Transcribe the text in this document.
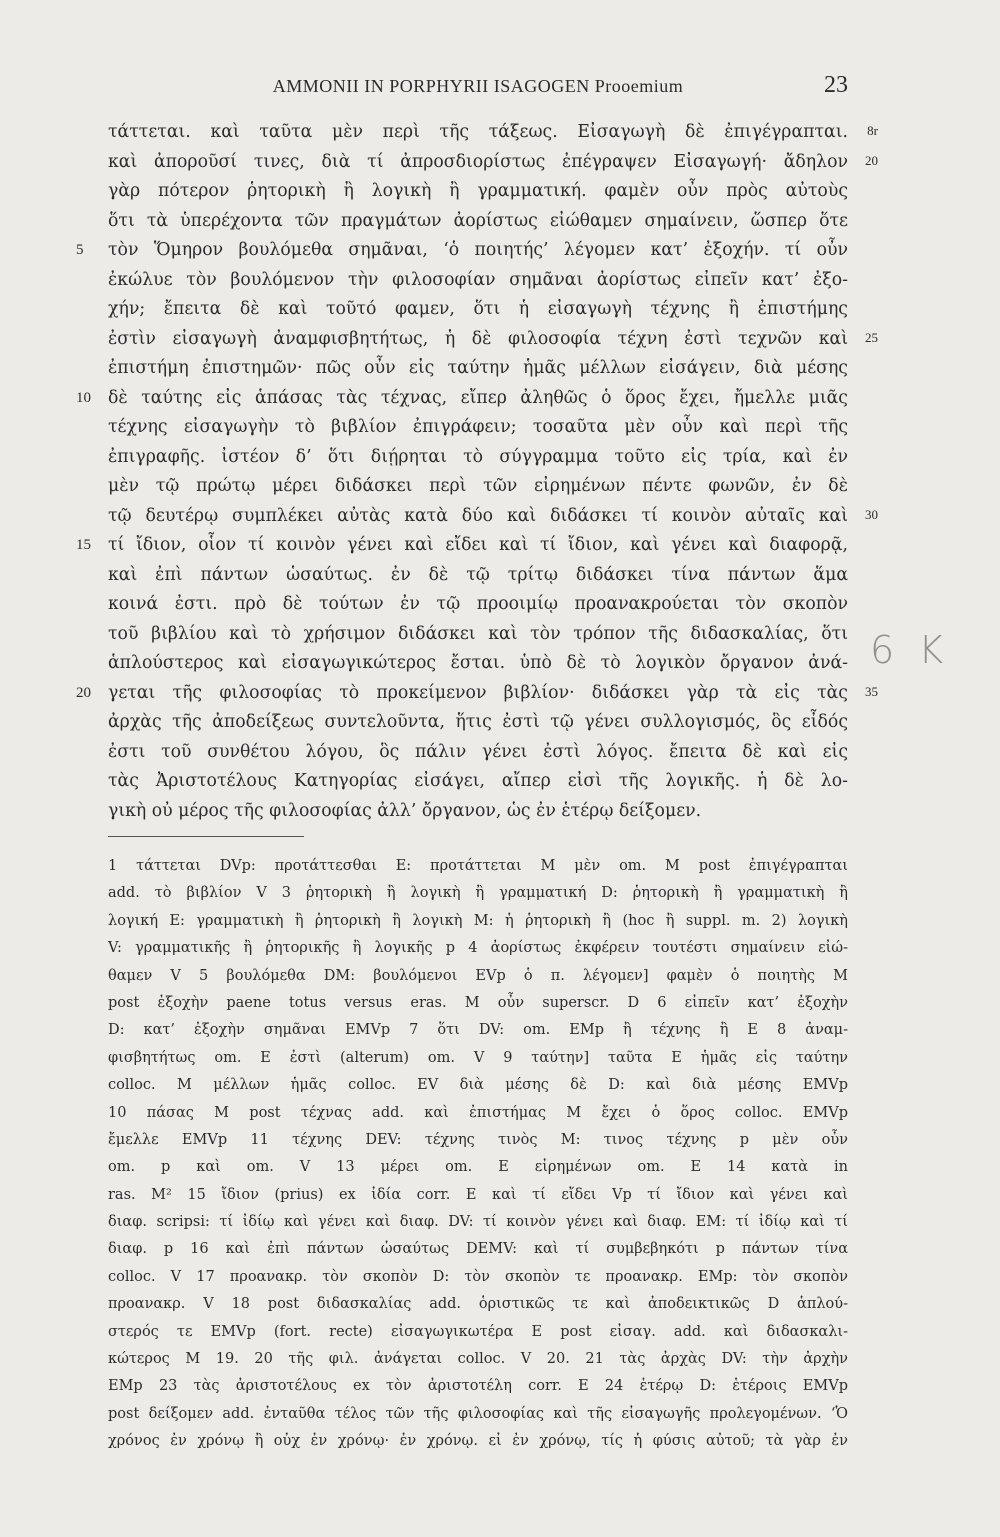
AMMONII IN PORPHYRII ISAGOGEN Prooemium	23
τάττεται. καὶ ταῦτα μὲν περὶ τῆς τάξεως. Εἰσαγωγὴ δὲ ἐπιγέγραπται. 8r
καὶ ἀποροῦσί τινες, διὰ τί ἀπροσδιορίστως ἐπέγραψεν Εἰσαγωγή· ἄδηλον 20
γὰρ πότερον ῥητορικὴ ἢ λογικὴ ἢ γραμματική. φαμὲν οὖν πρὸς αὐτοὺς
ὅτι τὰ ὑπερέχοντα τῶν πραγμάτων ἀορίστως εἰώθαμεν σημαίνειν, ὥσπερ ὅτε
5	τὸν Ὅμηρον βουλόμεθα σημᾶναι, ‘ὁ ποιητής’ λέγομεν κατ’ ἐξοχήν. τί οὖν
ἐκώλυε τὸν βουλόμενον τὴν φιλοσοφίαν σημᾶναι ἀορίστως εἰπεῖν κατ’ ἐξο-
χήν; ἔπειτα δὲ καὶ τοῦτό φαμεν, ὅτι ἡ εἰσαγωγὴ τέχνης ἢ ἐπιστήμης
ἐστὶν εἰσαγωγὴ ἀναμφισβητήτως, ἡ δὲ φιλοσοφία τέχνη ἐστὶ τεχνῶν καὶ 25
ἐπιστήμη ἐπιστημῶν· πῶς οὖν εἰς ταύτην ἡμᾶς μέλλων εἰσάγειν, διὰ μέσης
10 δὲ ταύτης εἰς ἁπάσας τὰς τέχνας, εἴπερ ἀληθῶς ὁ ὅρος ἔχει, ἤμελλε μιᾶς
τέχνης εἰσαγωγὴν τὸ βιβλίον ἐπιγράφειν; τοσαῦτα μὲν οὖν καὶ περὶ τῆς
ἐπιγραφῆς. ἰστέον δ’ ὅτι διῄρηται τὸ σύγγραμμα τοῦτο εἰς τρία, καὶ ἐν
μὲν τῷ πρώτῳ μέρει διδάσκει περὶ τῶν εἰρημένων πέντε φωνῶν, ἐν δὲ
τῷ δευτέρῳ συμπλέκει αὐτὰς κατὰ δύο καὶ διδάσκει τί κοινὸν αὐταῖς καὶ 30
15 τί ἴδιον, οἷον τί κοινὸν γένει καὶ εἴδει καὶ τί ἴδιον, καὶ γένει καὶ διαφορᾷ,
καὶ ἐπὶ πάντων ὡσαύτως. ἐν δὲ τῷ τρίτῳ διδάσκει τίνα πάντων ἅμα
κοινά ἐστι. πρὸ δὲ τούτων ἐν τῷ προοιμίῳ προανακρούεται τὸν σκοπὸν
τοῦ βιβλίου καὶ τὸ χρήσιμον διδάσκει καὶ τὸν τρόπον τῆς διδασκαλίας, ὅτι
ἁπλούστερος καὶ εἰσαγωγικώτερος ἔσται. ὑπὸ δὲ τὸ λογικὸν ὄργανον ἀνά-
20 γεται τῆς φιλοσοφίας τὸ προκείμενον βιβλίον· διδάσκει γὰρ τὰ εἰς τὰς 35
ἀρχὰς τῆς ἀποδείξεως συντελοῦντα, ἥτις ἐστὶ τῷ γένει συλλογισμός, ὃς εἶδός
ἐστι τοῦ συνθέτου λόγου, ὃς πάλιν γένει ἐστὶ λόγος. ἔπειτα δὲ καὶ εἰς
τὰς Ἀριστοτέλους Κατηγορίας εἰσάγει, αἴπερ εἰσὶ τῆς λογικῆς. ἡ δὲ λο-
γικὴ οὐ μέρος τῆς φιλοσοφίας ἀλλ’ ὄργανον, ὡς ἐν ἑτέρῳ δείξομεν.
1 τάττεται DVp: προτάττεσθαι E: προτάττεται M μὲν om. M post ἐπιγέγραπται
add. τὸ βιβλίον V 3 ῥητορικὴ ἢ λογικὴ ἢ γραμματική D: ῥητορικὴ ἢ γραμματικὴ ἢ
λογική E: γραμματικὴ ἢ ῥητορικὴ ἢ λογικὴ M: ἡ ῥητορικὴ ἢ (hoc ἢ suppl. m. 2) λογικὴ
V: γραμματικῆς ἢ ῥητορικῆς ἢ λογικῆς p 4 ἀορίστως ἐκφέρειν τουτέστι σημαίνειν εἰώ-
θαμεν V 5 βουλόμεθα DM: βουλόμενοι EVp ὁ π. λέγομεν] φαμὲν ὁ ποιητὴς M
post ἐξοχὴν paene totus versus eras. M οὖν superscr. D 6 εἰπεῖν κατ’ ἐξοχὴν
D: κατ’ ἐξοχὴν σημᾶναι EMVp 7 ὅτι DV: om. EMp ἢ τέχνης ἢ E 8 ἀναμ-
φισβητήτως om. E ἐστὶ (alterum) om. V 9 ταύτην] ταῦτα E ἡμᾶς εἰς ταύτην
colloc. M μέλλων ἡμᾶς colloc. EV διὰ μέσης δὲ D: καὶ διὰ μέσης EMVp
10 πάσας M post τέχνας add. καὶ ἐπιστήμας M ἔχει ὁ ὅρος colloc. EMVp
ἔμελλε EMVp 11 τέχνης DEV: τέχνης τινὸς M: τινος τέχνης p μὲν οὖν
om. p καὶ om. V 13 μέρει om. E εἰρημένων om. E 14 κατὰ in
ras. M² 15 ἴδιον (prius) ex ἰδία corr. E καὶ τί εἴδει Vp τί ἴδιον καὶ γένει καὶ
διαφ. scripsi: τί ἰδίῳ καὶ γένει καὶ διαφ. DV: τί κοινὸν γένει καὶ διαφ. EM: τί ἰδίῳ καὶ τί
διαφ. p 16 καὶ ἐπὶ πάντων ὡσαύτως DEMV: καὶ τί συμβεβηκότι p πάντων τίνα
colloc. V 17 προανακρ. τὸν σκοπὸν D: τὸν σκοπὸν τε προανακρ. EMp: τὸν σκοπὸν
προανακρ. V 18 post διδασκαλίας add. ὁριστικῶς τε καὶ ἀποδεικτικῶς D ἁπλού-
στερός τε EMVp (fort. recte) εἰσαγωγικωτέρα E post εἰσαγ. add. καὶ διδασκαλι-
κώτερος M 19. 20 τῆς φιλ. ἀνάγεται colloc. V 20. 21 τὰς ἀρχὰς DV: τὴν ἀρχὴν
EMp 23 τὰς ἀριστοτέλους ex τὸν ἀριστοτέλη corr. E 24 ἑτέρῳ D: ἑτέροις EMVp
post δείξομεν add. ἐνταῦθα τέλος τῶν τῆς φιλοσοφίας καὶ τῆς εἰσαγωγῆς προλεγομένων. ‘Ὁ
χρόνος ἐν χρόνῳ ἢ οὐχ ἐν χρόνῳ· ἐν χρόνῳ. εἰ ἐν χρόνῳ, τίς ἡ φύσις αὐτοῦ; τὰ γὰρ ἐν
6 K
